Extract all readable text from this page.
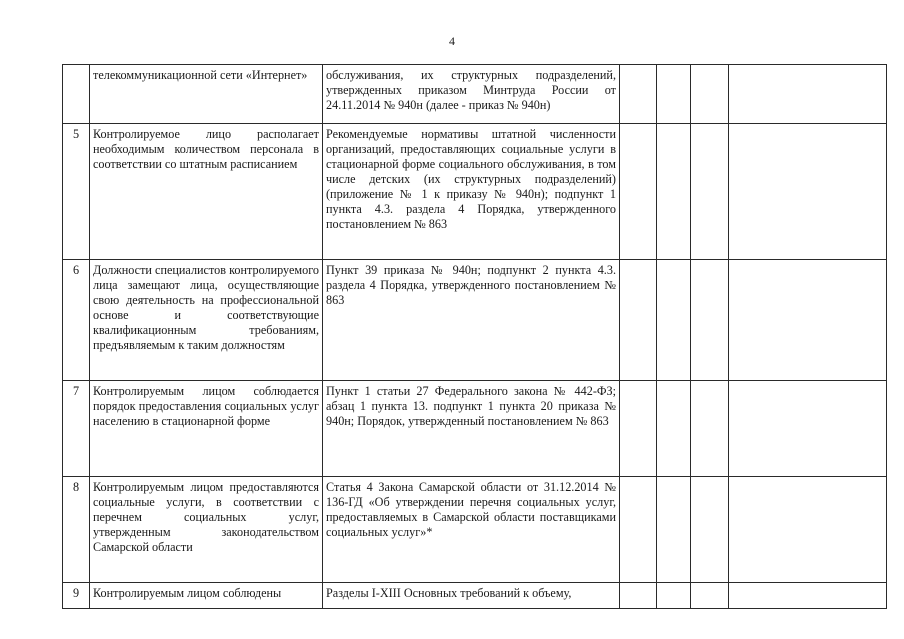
4
	телекоммуникационной сети «Интернет»	обслуживания, их структурных подразделений, утвержденных приказом Минтруда России от 24.11.2014 № 940н (далее - приказ № 940н)				
5	Контролируемое лицо располагает необходимым количеством персонала в соответствии со штатным расписанием	Рекомендуемые нормативы штатной численности организаций, предоставляющих социальные услуги в стационарной форме социального обслуживания, в том числе детских (их структурных подразделений) (приложение № 1 к приказу № 940н); подпункт 1 пункта 4.3. раздела 4 Порядка, утвержденного постановлением № 863				
6	Должности специалистов контролируемого лица замещают лица, осуществляющие свою деятельность на профессиональной основе и соответствующие квалификационным требованиям, предъявляемым к таким должностям	Пункт 39 приказа № 940н; подпункт 2 пункта 4.3. раздела 4 Порядка, утвержденного постановлением № 863				
7	Контролируемым лицом соблюдается порядок предоставления социальных услуг населению в стационарной форме	Пункт 1 статьи 27 Федерального закона № 442-ФЗ; абзац 1 пункта 13. подпункт 1 пункта 20 приказа № 940н; Порядок, утвержденный постановлением № 863				
8	Контролируемым лицом предоставляются социальные услуги, в соответствии с перечнем социальных услуг, утвержденным законодательством Самарской области	Статья 4 Закона Самарской области от 31.12.2014 № 136-ГД «Об утверждении перечня социальных услуг, предоставляемых в Самарской области поставщиками социальных услуг»*				
9	Контролируемым лицом соблюдены	Разделы I-XIII Основных требований к объему,				
